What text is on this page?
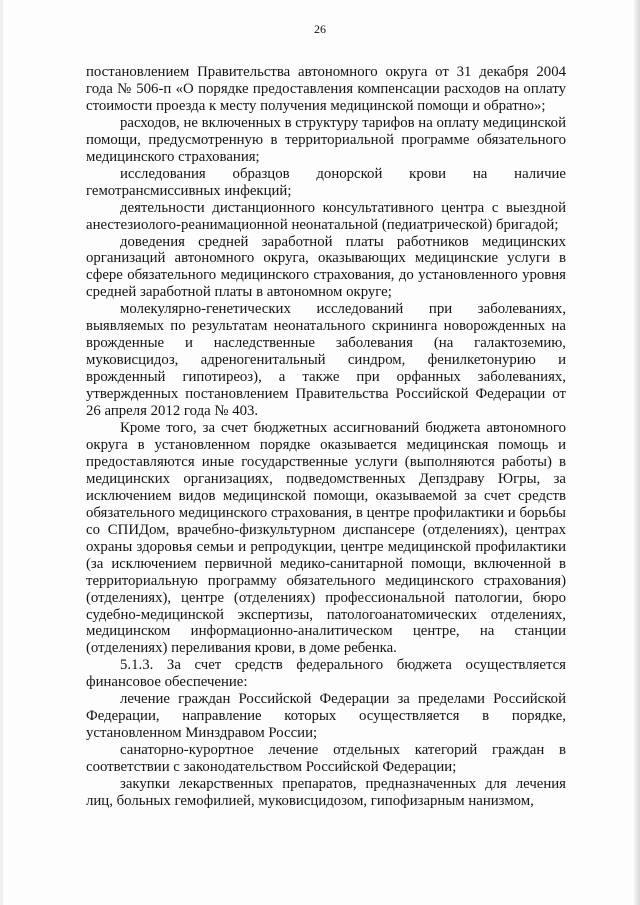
26

постановлением Правительства автономного округа от 31 декабря 2004 года № 506-п «О порядке предоставления компенсации расходов на оплату стоимости проезда к месту получения медицинской помощи и обратно»;

расходов, не включенных в структуру тарифов на оплату медицинской помощи, предусмотренную в территориальной программе обязательного медицинского страхования;

исследования образцов донорской крови на наличие гемотрансмиссивных инфекций;

деятельности дистанционного консультативного центра с выездной анестезиолого-реанимационной неонатальной (педиатрической) бригадой;

доведения средней заработной платы работников медицинских организаций автономного округа, оказывающих медицинские услуги в сфере обязательного медицинского страхования, до установленного уровня средней заработной платы в автономном округе;

молекулярно-генетических исследований при заболеваниях, выявляемых по результатам неонатального скрининга новорожденных на врожденные и наследственные заболевания (на галактоземию, муковисцидоз, адреногенитальный синдром, фенилкетонурию и врожденный гипотиреоз), а также при орфанных заболеваниях, утвержденных постановлением Правительства Российской Федерации от 26 апреля 2012 года № 403.

Кроме того, за счет бюджетных ассигнований бюджета автономного округа в установленном порядке оказывается медицинская помощь и предоставляются иные государственные услуги (выполняются работы) в медицинских организациях, подведомственных Депздраву Югры, за исключением видов медицинской помощи, оказываемой за счет средств обязательного медицинского страхования, в центре профилактики и борьбы со СПИДом, врачебно-физкультурном диспансере (отделениях), центрах охраны здоровья семьи и репродукции, центре медицинской профилактики (за исключением первичной медико-санитарной помощи, включенной в территориальную программу обязательного медицинского страхования) (отделениях), центре (отделениях) профессиональной патологии, бюро судебно-медицинской экспертизы, патологоанатомических отделениях, медицинском информационно-аналитическом центре, на станции (отделениях) переливания крови, в доме ребенка.

5.1.3. За счет средств федерального бюджета осуществляется финансовое обеспечение:

лечение граждан Российской Федерации за пределами Российской Федерации, направление которых осуществляется в порядке, установленном Минздравом России;

санаторно-курортное лечение отдельных категорий граждан в соответствии с законодательством Российской Федерации;

закупки лекарственных препаратов, предназначенных для лечения лиц, больных гемофилией, муковисцидозом, гипофизарным нанизмом,
